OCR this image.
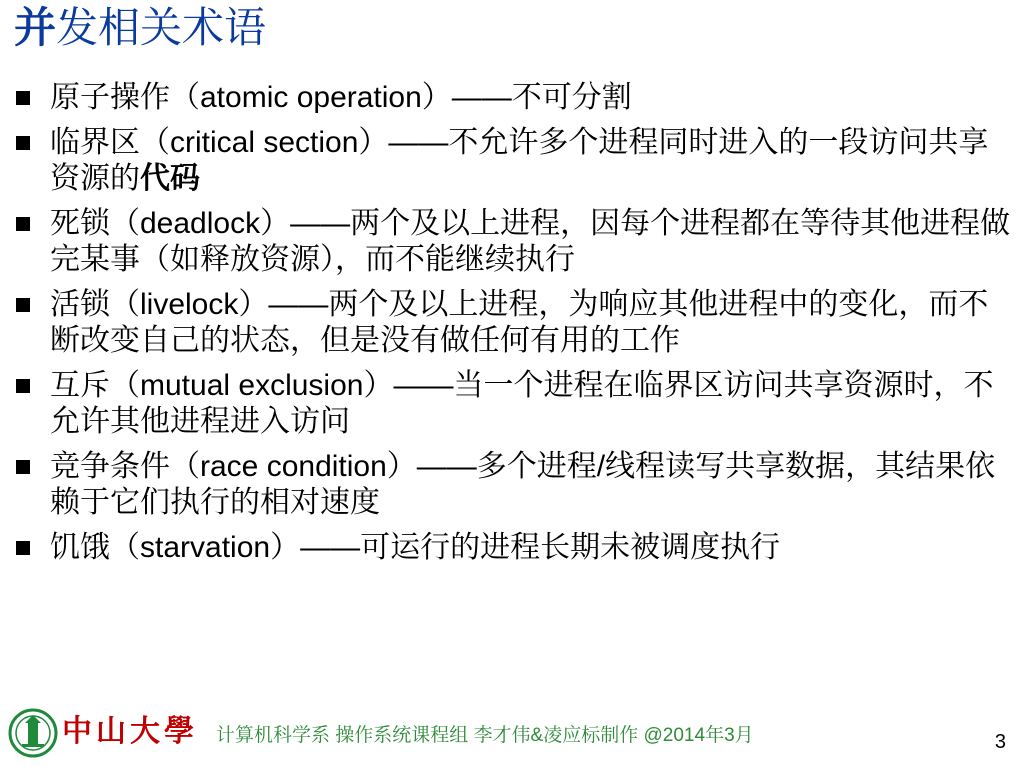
并发相关术语
原子操作（atomic operation）——不可分割
临界区（critical section）——不允许多个进程同时进入的一段访问共享资源的代码
死锁（deadlock）——两个及以上进程，因每个进程都在等待其他进程做完某事（如释放资源），而不能继续执行
活锁（livelock）——两个及以上进程，为响应其他进程中的变化，而不断改变自己的状态，但是没有做任何有用的工作
互斥（mutual exclusion）——当一个进程在临界区访问共享资源时，不允许其他进程进入访问
竞争条件（race condition）——多个进程/线程读写共享数据，其结果依赖于它们执行的相对速度
饥饿（starvation）——可运行的进程长期未被调度执行
中山大學 计算机科学系 操作系统课程组 李才伟&凌应标制作 @2014年3月	3
